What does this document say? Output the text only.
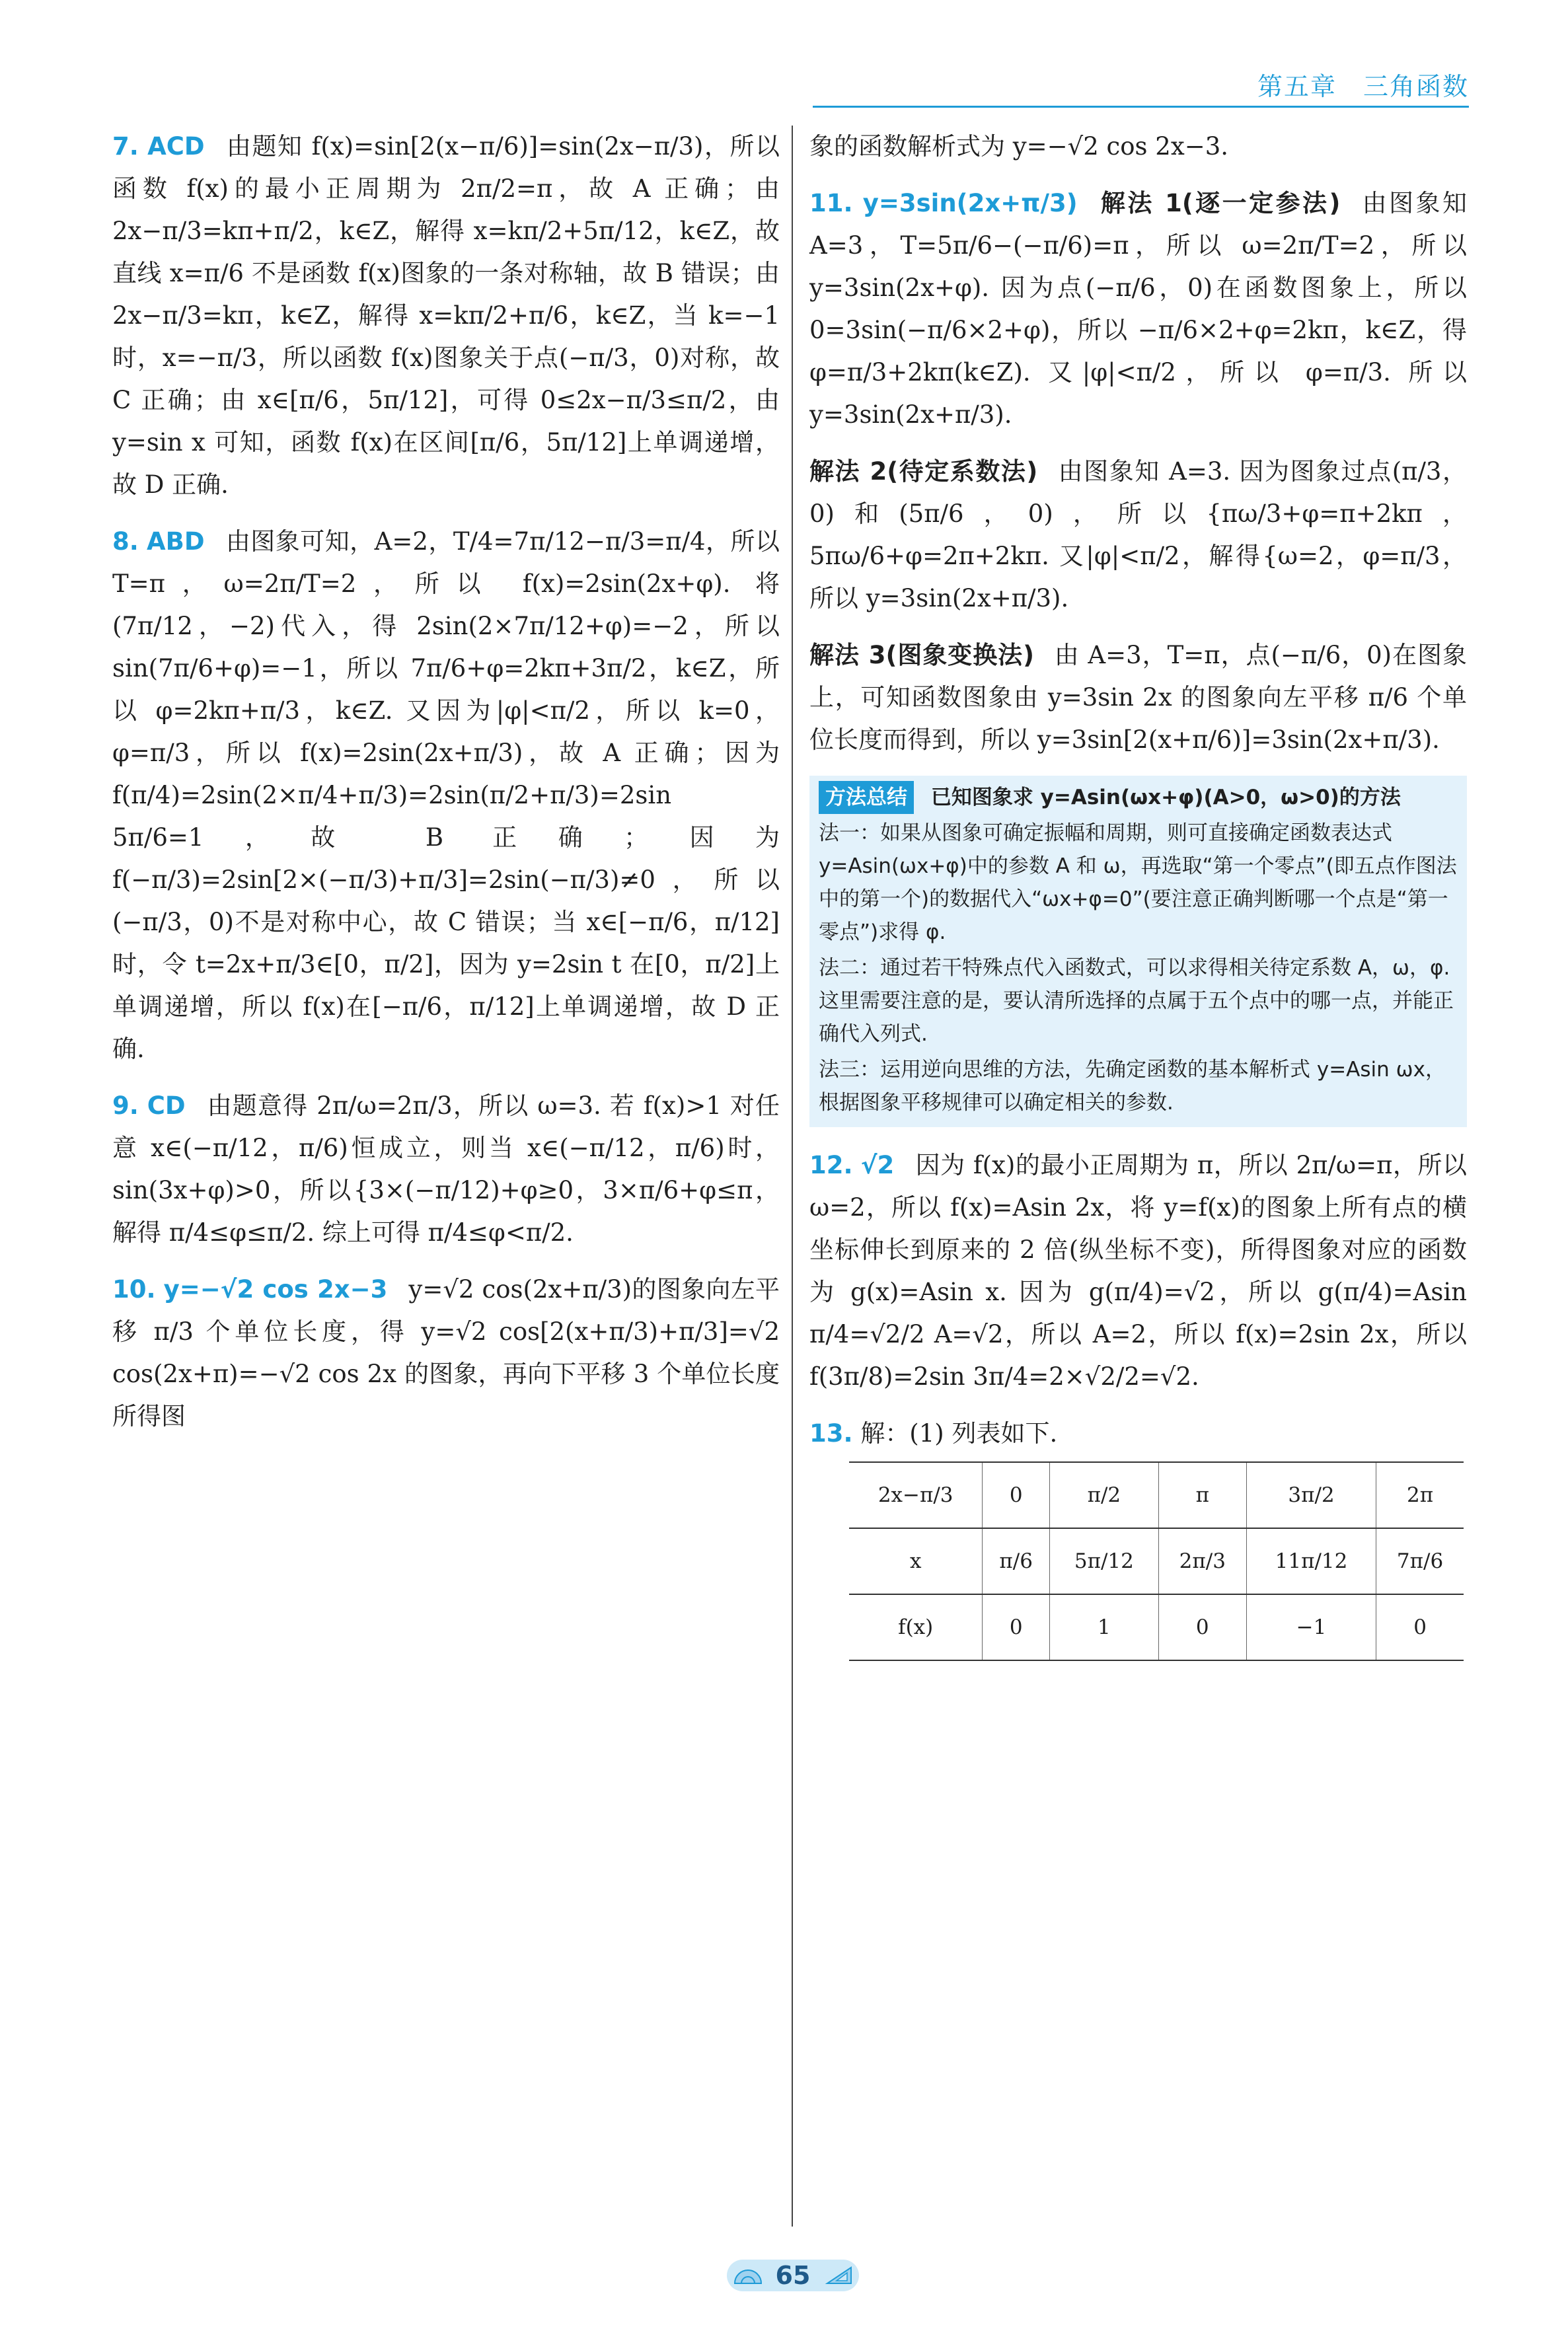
第五章　三角函数

7. ACD 由题知 f(x)=sin[2(x−π/6)]=sin(2x−π/3)，所以函数 f(x)的最小正周期为 2π/2=π，故 A 正确；由 2x−π/3=kπ+π/2，k∈Z，解得 x=kπ/2+5π/12，k∈Z，故直线 x=π/6 不是函数 f(x)图象的一条对称轴，故 B 错误；由 2x−π/3=kπ，k∈Z，解得 x=kπ/2+π/6，k∈Z，当 k=−1 时，x=−π/3，所以函数 f(x)图象关于点(−π/3，0)对称，故 C 正确；由 x∈[π/6，5π/12]，可得 0≤2x−π/3≤π/2，由 y=sin x 可知，函数 f(x)在区间[π/6，5π/12]上单调递增，故 D 正确.

8. ABD 由图象可知，A=2，T/4=7π/12−π/3=π/4，所以 T=π，ω=2π/T=2，所以 f(x)=2sin(2x+φ). 将(7π/12，−2)代入，得 2sin(2×7π/12+φ)=−2，所以 sin(7π/6+φ)=−1，所以 7π/6+φ=2kπ+3π/2，k∈Z，所以 φ=2kπ+π/3，k∈Z. 又因为|φ|<π/2，所以 k=0，φ=π/3，所以 f(x)=2sin(2x+π/3)，故 A 正确；因为 f(π/4)=2sin(2×π/4+π/3)=2sin(π/2+π/3)=2sin 5π/6=1，故 B 正确；因为 f(−π/3)=2sin[2×(−π/3)+π/3]=2sin(−π/3)≠0，所以(−π/3，0)不是对称中心，故 C 错误；当 x∈[−π/6，π/12]时，令 t=2x+π/3∈[0，π/2]，因为 y=2sin t 在[0，π/2]上单调递增，所以 f(x)在[−π/6，π/12]上单调递增，故 D 正确.

9. CD 由题意得 2π/ω=2π/3，所以 ω=3. 若 f(x)>1 对任意 x∈(−π/12，π/6)恒成立，则当 x∈(−π/12，π/6)时，sin(3x+φ)>0，所以{3×(−π/12)+φ≥0，3×π/6+φ≤π，解得 π/4≤φ≤π/2. 综上可得 π/4≤φ<π/2.

10. y=−√2 cos 2x−3 y=√2 cos(2x+π/3)的图象向左平移 π/3 个单位长度，得 y=√2 cos[2(x+π/3)+π/3]=√2 cos(2x+π)=−√2 cos 2x 的图象，再向下平移 3 个单位长度所得图

象的函数解析式为 y=−√2 cos 2x−3.

11. y=3sin(2x+π/3) 解法 1(逐一定参法) 由图象知 A=3，T=5π/6−(−π/6)=π，所以 ω=2π/T=2，所以 y=3sin(2x+φ). 因为点(−π/6，0)在函数图象上，所以 0=3sin(−π/6×2+φ)，所以 −π/6×2+φ=2kπ，k∈Z，得 φ=π/3+2kπ(k∈Z). 又|φ|<π/2，所以 φ=π/3. 所以 y=3sin(2x+π/3).

解法 2(待定系数法) 由图象知 A=3. 因为图象过点(π/3，0)和(5π/6，0)，所以{πω/3+φ=π+2kπ，5πω/6+φ=2π+2kπ. 又|φ|<π/2，解得{ω=2，φ=π/3，所以 y=3sin(2x+π/3).

解法 3(图象变换法) 由 A=3，T=π，点(−π/6，0)在图象上，可知函数图象由 y=3sin 2x 的图象向左平移 π/6 个单位长度而得到，所以 y=3sin[2(x+π/6)]=3sin(2x+π/3).

方法总结 已知图象求 y=Asin(ωx+φ)(A>0，ω>0)的方法
法一：如果从图象可确定振幅和周期，则可直接确定函数表达式 y=Asin(ωx+φ)中的参数 A 和 ω，再选取“第一个零点”(即五点作图法中的第一个)的数据代入“ωx+φ=0”(要注意正确判断哪一个点是“第一零点”)求得 φ.
法二：通过若干特殊点代入函数式，可以求得相关待定系数 A，ω，φ. 这里需要注意的是，要认清所选择的点属于五个点中的哪一点，并能正确代入列式.
法三：运用逆向思维的方法，先确定函数的基本解析式 y=Asin ωx，根据图象平移规律可以确定相关的参数.

12. √2 因为 f(x)的最小正周期为 π，所以 2π/ω=π，所以 ω=2，所以 f(x)=Asin 2x，将 y=f(x)的图象上所有点的横坐标伸长到原来的 2 倍(纵坐标不变)，所得图象对应的函数为 g(x)=Asin x. 因为 g(π/4)=√2，所以 g(π/4)=Asin π/4=√2/2 A=√2，所以 A=2，所以 f(x)=2sin 2x，所以 f(3π/8)=2sin 3π/4=2×√2/2=√2.

13. 解：(1) 列表如下.

2x−π/3	0	π/2	π	3π/2	2π
x	π/6	5π/12	2π/3	11π/12	7π/6
f(x)	0	1	0	−1	0
65
